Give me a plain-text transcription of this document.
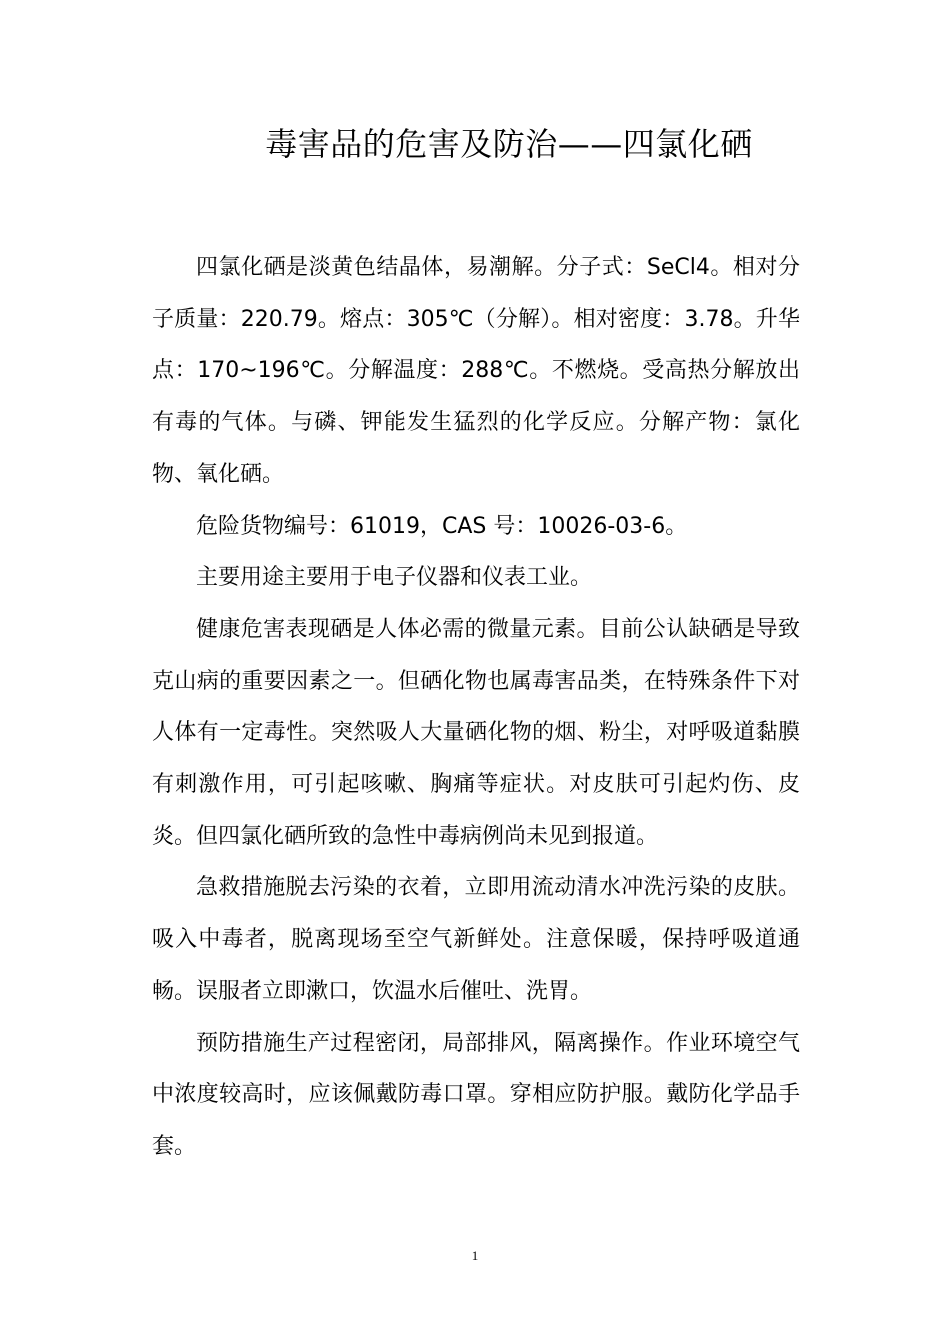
毒害品的危害及防治——四氯化硒

四氯化硒是淡黄色结晶体，易潮解。分子式：SeCl4。相对分子质量：220.79。熔点：305℃（分解）。相对密度：3.78。升华点：170~196℃。分解温度：288℃。不燃烧。受高热分解放出有毒的气体。与磷、钾能发生猛烈的化学反应。分解产物：氯化物、氧化硒。

危险货物编号：61019，CAS 号：10026-03-6。

主要用途主要用于电子仪器和仪表工业。

健康危害表现硒是人体必需的微量元素。目前公认缺硒是导致克山病的重要因素之一。但硒化物也属毒害品类，在特殊条件下对人体有一定毒性。突然吸人大量硒化物的烟、粉尘，对呼吸道黏膜有刺激作用，可引起咳嗽、胸痛等症状。对皮肤可引起灼伤、皮炎。但四氯化硒所致的急性中毒病例尚未见到报道。

急救措施脱去污染的衣着，立即用流动清水冲洗污染的皮肤。吸入中毒者，脱离现场至空气新鲜处。注意保暖，保持呼吸道通畅。误服者立即漱口，饮温水后催吐、洗胃。

预防措施生产过程密闭，局部排风，隔离操作。作业环境空气中浓度较高时，应该佩戴防毒口罩。穿相应防护服。戴防化学品手套。

1
